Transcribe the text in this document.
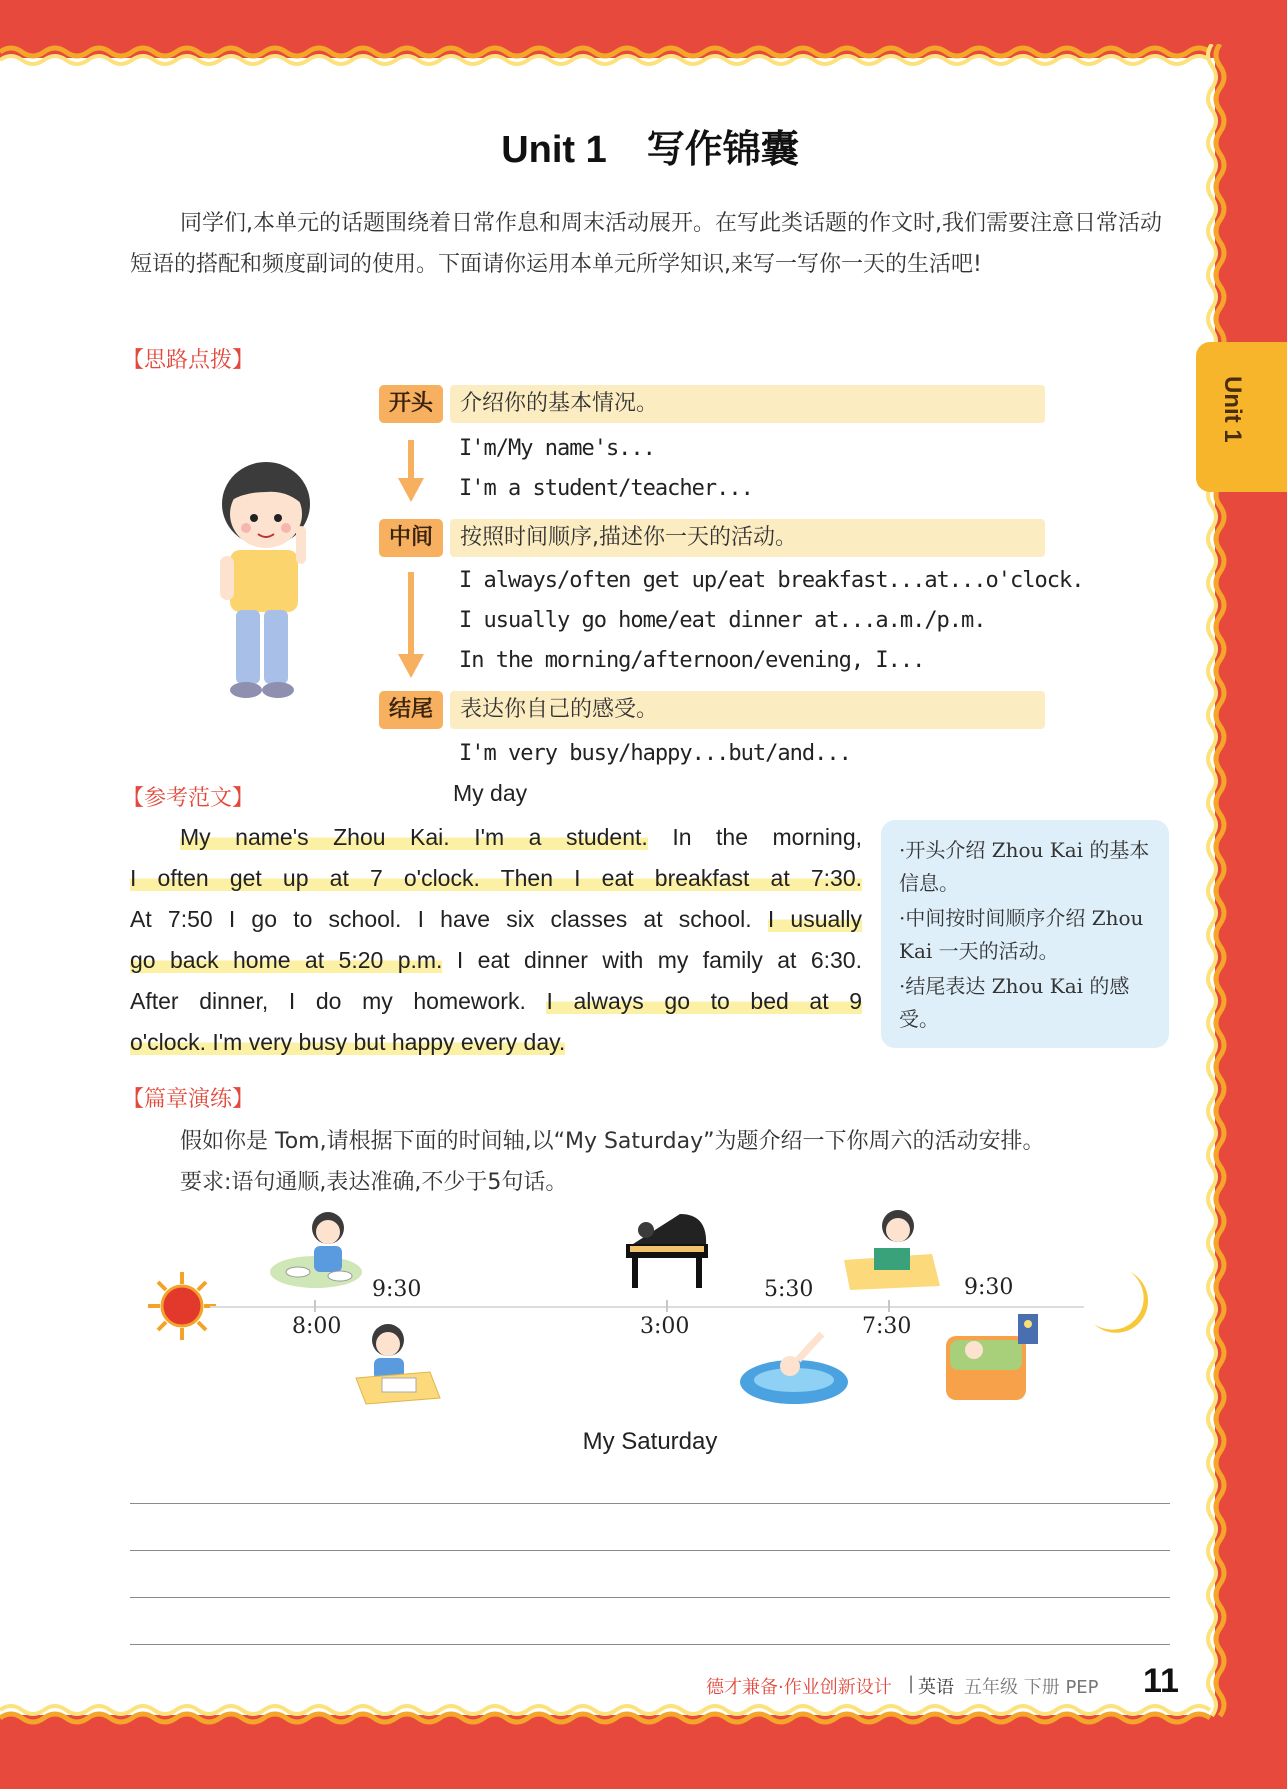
Unit 1
Unit 1 写作锦囊
同学们,本单元的话题围绕着日常作息和周末活动展开。在写此类话题的作文时,我们需要注意日常活动短语的搭配和频度副词的使用。下面请你运用本单元所学知识,来写一写你一天的生活吧!
【思路点拨】
开头	介绍你的基本情况。
I'm/My name's...
I'm a student/teacher...
中间	按照时间顺序,描述你一天的活动。
I always/often get up/eat breakfast...at...o'clock.
I usually go home/eat dinner at...a.m./p.m.
In the morning/afternoon/evening, I...
结尾	表达你自己的感受。
I'm very busy/happy...but/and...
【参考范文】	My day
My name's Zhou Kai. I'm a student. In the morning,
I often get up at 7 o'clock. Then I eat breakfast at 7:30.
At 7:50 I go to school. I have six classes at school. I usually
go back home at 5:20 p.m. I eat dinner with my family at 6:30.
After dinner, I do my homework. I always go to bed at 9
o'clock. I'm very busy but happy every day.
·开头介绍 Zhou Kai 的基本信息。
·中间按时间顺序介绍 Zhou Kai 一天的活动。
·结尾表达 Zhou Kai 的感受。
【篇章演练】
假如你是 Tom,请根据下面的时间轴,以“My Saturday”为题介绍一下你周六的活动安排。
要求:语句通顺,表达准确,不少于5句话。
9:30	5:30	9:30
8:00	3:00	7:30
My Saturday
德才兼备·作业创新设计 | 英语 五年级 下册 PEP 11
